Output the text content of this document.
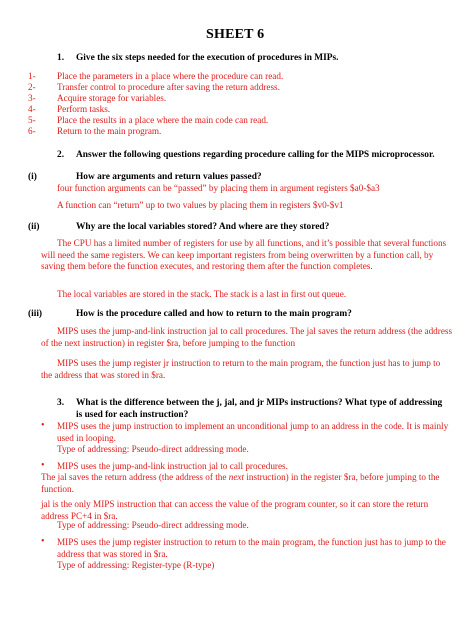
SHEET 6
1. Give the six steps needed for the execution of procedures in MIPs.
1- Place the parameters in a place where the procedure can read.
2- Transfer control to procedure after saving the return address.
3- Acquire storage for variables.
4- Perform tasks.
5- Place the results in a place where the main code can read.
6- Return to the main program.
2. Answer the following questions regarding procedure calling for the MIPS microprocessor.
(i)	How are arguments and return values passed?
four function arguments can be “passed” by placing them in argument registers $a0-$a3
A function can “return” up to two values by placing them in registers $v0-$v1
(ii)	Why are the local variables stored? And where are they stored?
The CPU has a limited number of registers for use by all functions, and it’s possible that several functions will need the same registers. We can keep important registers from being overwritten by a function call, by saving them before the function executes, and restoring them after the function completes.
The local variables are stored in the stack. The stack is a last in first out queue.
(iii)	How is the procedure called and how to return to the main program?
MIPS uses the jump-and-link instruction jal to call procedures. The jal saves the return address (the address of the next instruction) in register $ra, before jumping to the function
MIPS uses the jump register jr instruction to return to the main program, the function just has to jump to the address that was stored in $ra.
3. What is the difference between the j, jal, and jr MIPs instructions? What type of addressing
is used for each instruction?
• MIPS uses the jump instruction to implement an unconditional jump to an address in the code. It is mainly used in looping.
Type of addressing: Pseudo-direct addressing mode.
• MIPS uses the jump-and-link instruction jal to call procedures.
The jal saves the return address (the address of the next instruction) in the register $ra, before jumping to the function.
jal is the only MIPS instruction that can access the value of the program counter, so it can store the return address PC+4 in $ra.
Type of addressing: Pseudo-direct addressing mode.
• MIPS uses the jump register instruction to return to the main program, the function just has to jump to the address that was stored in $ra.
Type of addressing: Register-type (R-type)
